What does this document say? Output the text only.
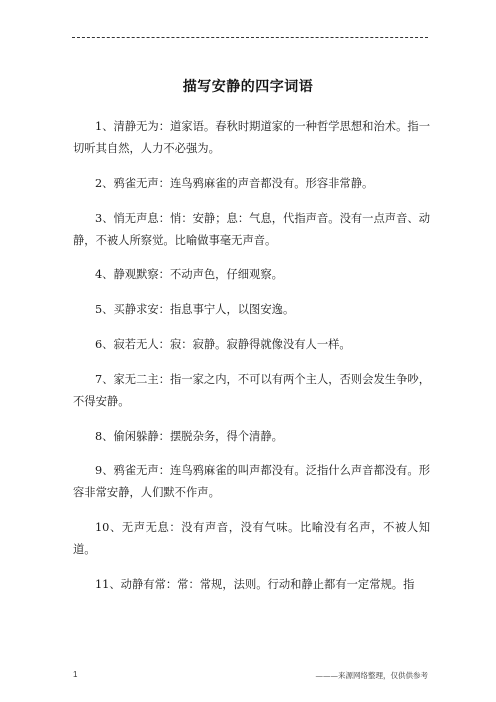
描写安静的四字词语

1、清静无为：道家语。春秋时期道家的一种哲学思想和治术。指一切听其自然，人力不必强为。

2、鸦雀无声：连鸟鸦麻雀的声音都没有。形容非常静。

3、悄无声息：悄：安静；息：气息，代指声音。没有一点声音、动静，不被人所察觉。比喻做事毫无声音。

4、静观默察：不动声色，仔细观察。

5、买静求安：指息事宁人，以图安逸。

6、寂若无人：寂：寂静。寂静得就像没有人一样。

7、家无二主：指一家之内，不可以有两个主人，否则会发生争吵，不得安静。

8、偷闲躲静：摆脱杂务，得个清静。

9、鸦雀无声：连鸟鸦麻雀的叫声都没有。泛指什么声音都没有。形容非常安静，人们默不作声。

10、无声无息：没有声音，没有气味。比喻没有名声，不被人知道。

11、动静有常：常：常规，法则。行动和静止都有一定常规。指

1	———来源网络整理，仅供供参考
